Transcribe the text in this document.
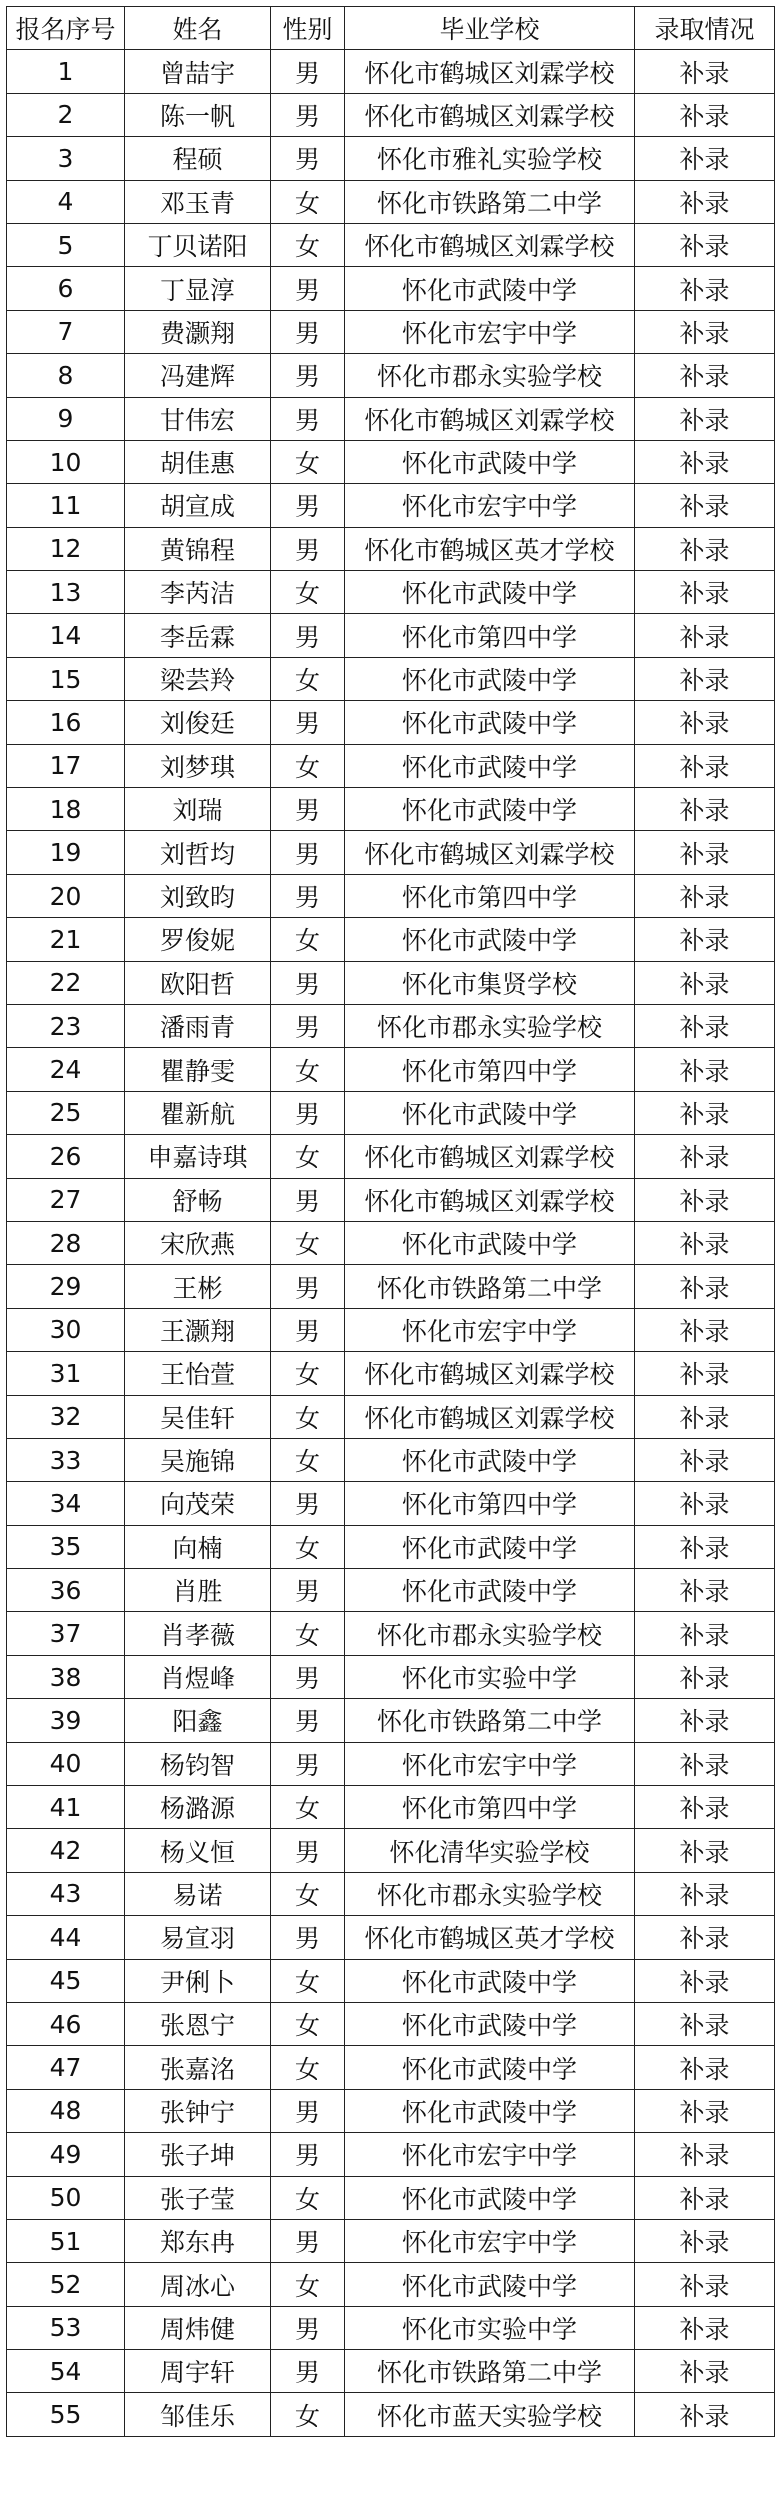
报名序号	姓名	性别	毕业学校	录取情况
1	曾喆宇	男	怀化市鹤城区刘霖学校	补录
2	陈一帆	男	怀化市鹤城区刘霖学校	补录
3	程硕	男	怀化市雅礼实验学校	补录
4	邓玉青	女	怀化市铁路第二中学	补录
5	丁贝诺阳	女	怀化市鹤城区刘霖学校	补录
6	丁显淳	男	怀化市武陵中学	补录
7	费灏翔	男	怀化市宏宇中学	补录
8	冯建辉	男	怀化市郡永实验学校	补录
9	甘伟宏	男	怀化市鹤城区刘霖学校	补录
10	胡佳惠	女	怀化市武陵中学	补录
11	胡宣成	男	怀化市宏宇中学	补录
12	黄锦程	男	怀化市鹤城区英才学校	补录
13	李芮洁	女	怀化市武陵中学	补录
14	李岳霖	男	怀化市第四中学	补录
15	梁芸羚	女	怀化市武陵中学	补录
16	刘俊廷	男	怀化市武陵中学	补录
17	刘梦琪	女	怀化市武陵中学	补录
18	刘瑞	男	怀化市武陵中学	补录
19	刘哲均	男	怀化市鹤城区刘霖学校	补录
20	刘致昀	男	怀化市第四中学	补录
21	罗俊妮	女	怀化市武陵中学	补录
22	欧阳哲	男	怀化市集贤学校	补录
23	潘雨青	男	怀化市郡永实验学校	补录
24	瞿静雯	女	怀化市第四中学	补录
25	瞿新航	男	怀化市武陵中学	补录
26	申嘉诗琪	女	怀化市鹤城区刘霖学校	补录
27	舒畅	男	怀化市鹤城区刘霖学校	补录
28	宋欣燕	女	怀化市武陵中学	补录
29	王彬	男	怀化市铁路第二中学	补录
30	王灏翔	男	怀化市宏宇中学	补录
31	王怡萱	女	怀化市鹤城区刘霖学校	补录
32	吴佳轩	女	怀化市鹤城区刘霖学校	补录
33	吴施锦	女	怀化市武陵中学	补录
34	向茂荣	男	怀化市第四中学	补录
35	向楠	女	怀化市武陵中学	补录
36	肖胜	男	怀化市武陵中学	补录
37	肖孝薇	女	怀化市郡永实验学校	补录
38	肖煜峰	男	怀化市实验中学	补录
39	阳鑫	男	怀化市铁路第二中学	补录
40	杨钧智	男	怀化市宏宇中学	补录
41	杨潞源	女	怀化市第四中学	补录
42	杨义恒	男	怀化清华实验学校	补录
43	易诺	女	怀化市郡永实验学校	补录
44	易宣羽	男	怀化市鹤城区英才学校	补录
45	尹俐卜	女	怀化市武陵中学	补录
46	张恩宁	女	怀化市武陵中学	补录
47	张嘉洺	女	怀化市武陵中学	补录
48	张钟宁	男	怀化市武陵中学	补录
49	张子坤	男	怀化市宏宇中学	补录
50	张子莹	女	怀化市武陵中学	补录
51	郑东冉	男	怀化市宏宇中学	补录
52	周冰心	女	怀化市武陵中学	补录
53	周炜健	男	怀化市实验中学	补录
54	周宇轩	男	怀化市铁路第二中学	补录
55	邹佳乐	女	怀化市蓝天实验学校	补录
